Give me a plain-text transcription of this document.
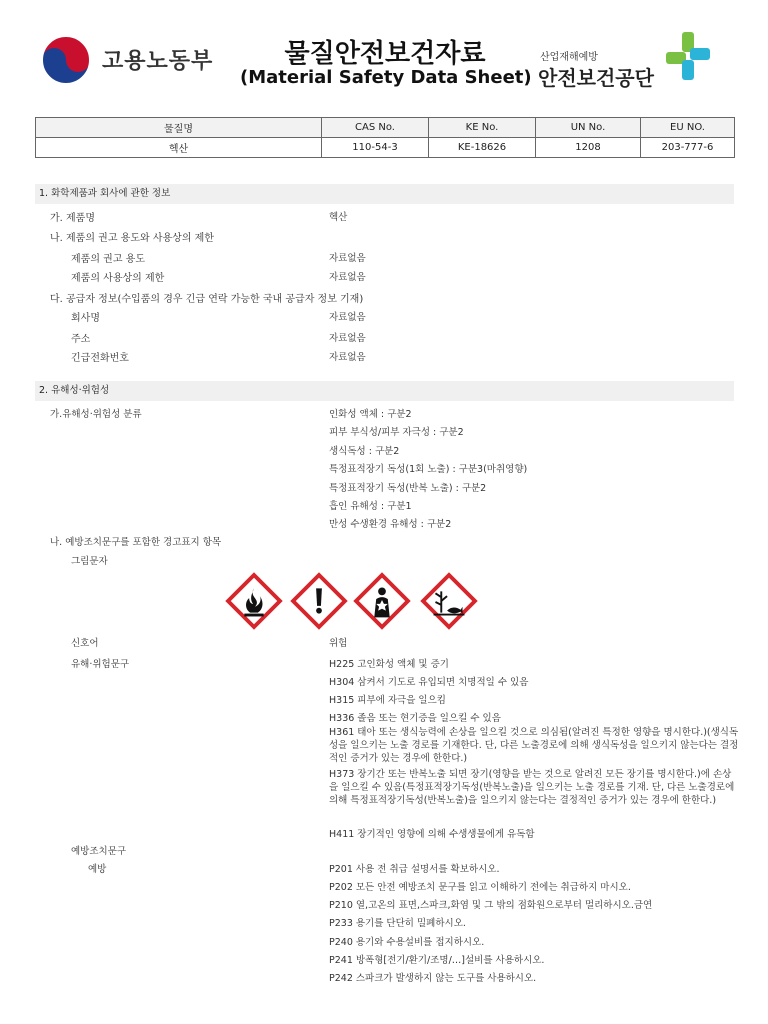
고용노동부	물질안전보건자료
(Material Safety Data Sheet)
산업재해예방
안전보건공단
물질명	CAS No.	KE No.	UN No.	EU NO.
헥산	110-54-3	KE-18626	1208	203-777-6
1. 화학제품과 회사에 관한 정보
가. 제품명	헥산
나. 제품의 권고 용도와 사용상의 제한
제품의 권고 용도	자료없음
제품의 사용상의 제한	자료없음
다. 공급자 정보(수입품의 경우 긴급 연락 가능한 국내 공급자 정보 기재)
회사명	자료없음
주소	자료없음
긴급전화번호	자료없음
2. 유해성·위험성
가.유해성·위험성 분류	인화성 액체 : 구분2
피부 부식성/피부 자극성 : 구분2
생식독성 : 구분2
특정표적장기 독성(1회 노출) : 구분3(마취영향)
특정표적장기 독성(반복 노출) : 구분2
흡인 유해성 : 구분1
만성 수생환경 유해성 : 구분2
나. 예방조치문구를 포함한 경고표지 항목
그림문자
신호어	위험
유해·위험문구	H225 고인화성 액체 및 증기
H304 삼켜서 기도로 유입되면 치명적일 수 있음
H315 피부에 자극을 일으킴
H336 졸음 또는 현기증을 일으킬 수 있음
H361 태아 또는 생식능력에 손상을 일으킬 것으로 의심됨(알려진 특정한 영향을 명시한다.)(생식독성을 일으키는 노출 경로를 기재한다. 단, 다른 노출경로에 의해 생식독성을 일으키지 않는다는 결정적인 증거가 있는 경우에 한한다.)
H373 장기간 또는 반복노출 되면 장기(영향을 받는 것으로 알려진 모든 장기를 명시한다.)에 손상을 일으킬 수 있음(특정표적장기독성(반복노출)을 일으키는 노출 경로를 기재. 단, 다른 노출경로에 의해 특정표적장기독성(반복노출)을 일으키지 않는다는 결정적인 증거가 있는 경우에 한한다.)
H411 장기적인 영향에 의해 수생생물에게 유독함
예방조치문구
예방	P201 사용 전 취급 설명서를 확보하시오.
P202 모든 안전 예방조치 문구를 읽고 이해하기 전에는 취급하지 마시오.
P210 열,고온의 표면,스파크,화염 및 그 밖의 점화원으로부터 멀리하시오.금연
P233 용기를 단단히 밀폐하시오.
P240 용기와 수용설비를 접지하시오.
P241 방폭형[전기/환기/조명/…]설비를 사용하시오.
P242 스파크가 발생하지 않는 도구를 사용하시오.
